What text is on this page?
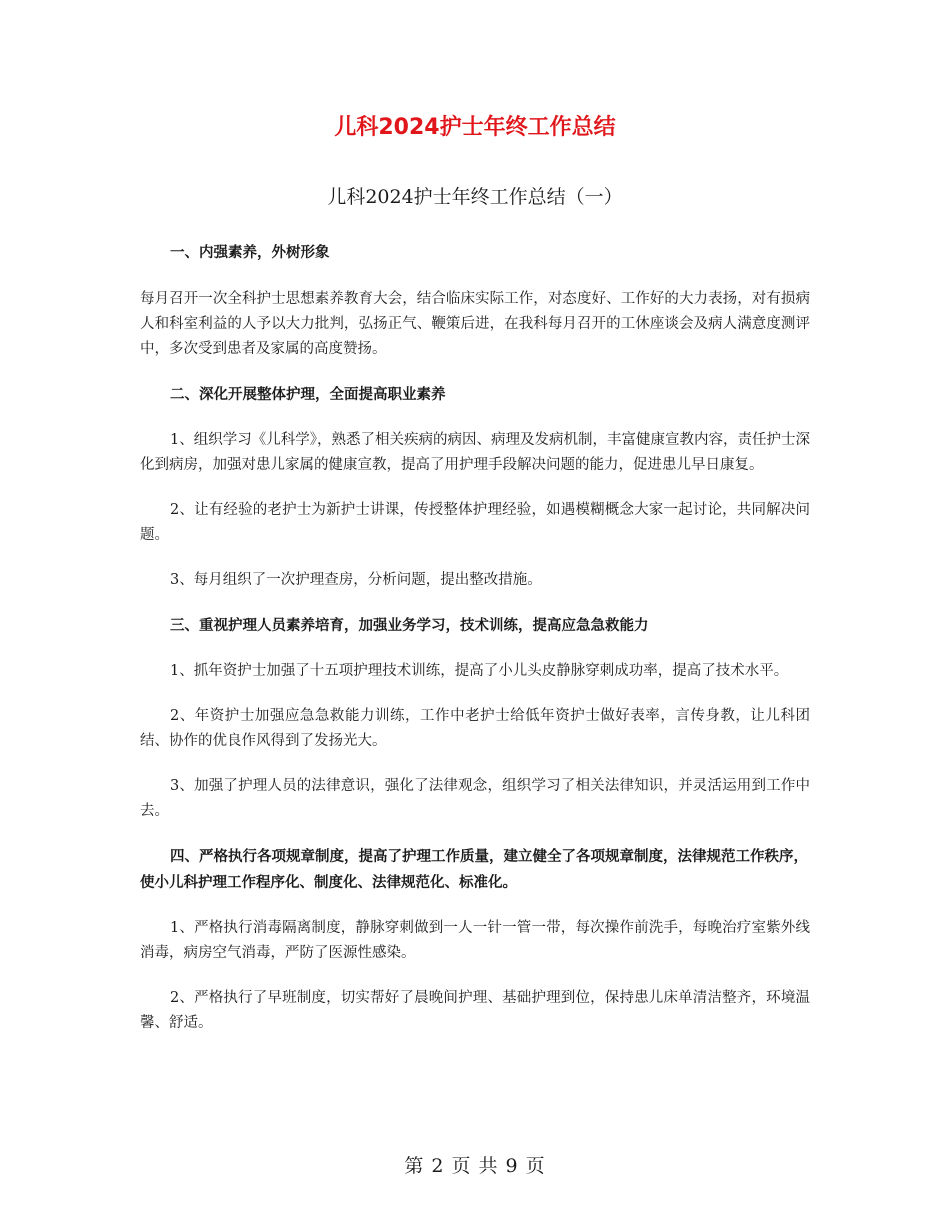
儿科2024护士年终工作总结
儿科2024护士年终工作总结（一）

一、内强素养，外树形象

每月召开一次全科护士思想素养教育大会，结合临床实际工作，对态度好、工作好的大力表扬，对有损病人和科室利益的人予以大力批判，弘扬正气、鞭策后进，在我科每月召开的工休座谈会及病人满意度测评中，多次受到患者及家属的高度赞扬。

二、深化开展整体护理，全面提高职业素养

1、组织学习《儿科学》，熟悉了相关疾病的病因、病理及发病机制，丰富健康宣教内容，责任护士深化到病房，加强对患儿家属的健康宣教，提高了用护理手段解决问题的能力，促进患儿早日康复。

2、让有经验的老护士为新护士讲课，传授整体护理经验，如遇模糊概念大家一起讨论，共同解决问题。

3、每月组织了一次护理查房，分析问题，提出整改措施。

三、重视护理人员素养培育，加强业务学习，技术训练，提高应急急救能力

1、抓年资护士加强了十五项护理技术训练，提高了小儿头皮静脉穿刺成功率，提高了技术水平。

2、年资护士加强应急急救能力训练，工作中老护士给低年资护士做好表率，言传身教，让儿科团结、协作的优良作风得到了发扬光大。

3、加强了护理人员的法律意识，强化了法律观念，组织学习了相关法律知识，并灵活运用到工作中去。

四、严格执行各项规章制度，提高了护理工作质量，建立健全了各项规章制度，法律规范工作秩序，使小儿科护理工作程序化、制度化、法律规范化、标准化。

1、严格执行消毒隔离制度，静脉穿刺做到一人一针一管一带，每次操作前洗手，每晚治疗室紫外线消毒，病房空气消毒，严防了医源性感染。

2、严格执行了早班制度，切实帮好了晨晚间护理、基础护理到位，保持患儿床单清洁整齐，环境温馨、舒适。

第 2 页 共 9 页
